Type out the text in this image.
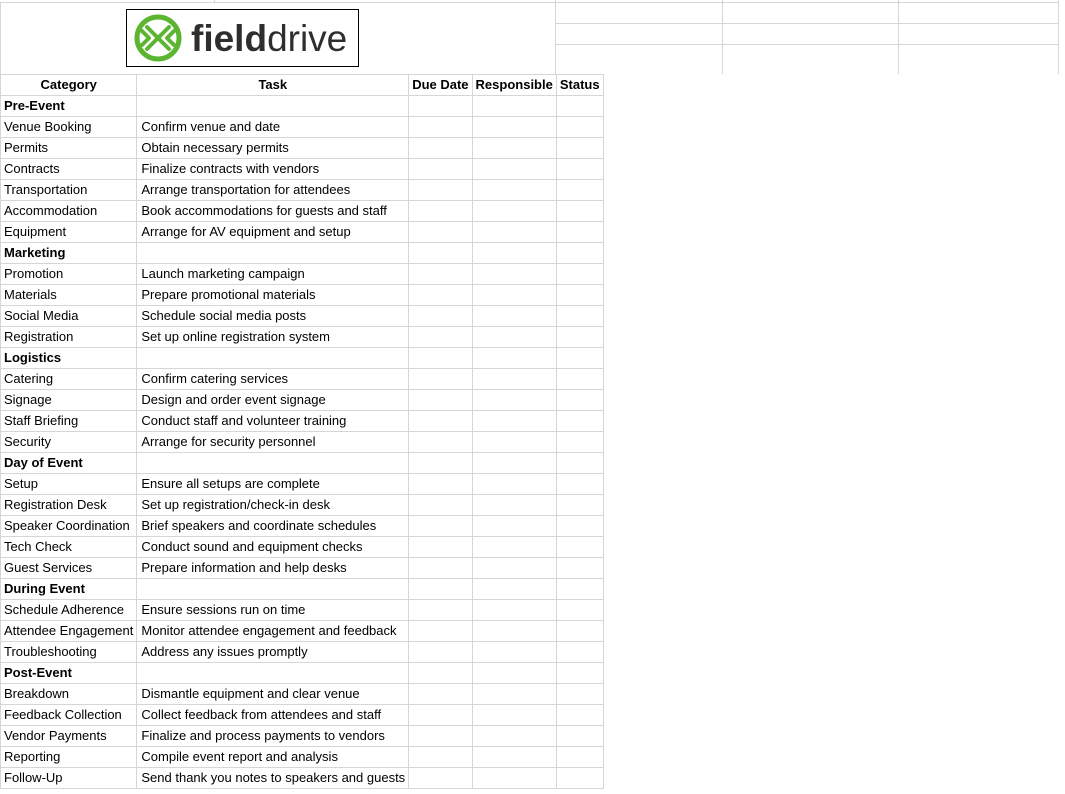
fielddrive
Category	Task	Due Date	Responsible	Status
Pre-Event				
Venue Booking	Confirm venue and date			
Permits	Obtain necessary permits			
Contracts	Finalize contracts with vendors			
Transportation	Arrange transportation for attendees			
Accommodation	Book accommodations for guests and staff			
Equipment	Arrange for AV equipment and setup			
Marketing				
Promotion	Launch marketing campaign			
Materials	Prepare promotional materials			
Social Media	Schedule social media posts			
Registration	Set up online registration system			
Logistics				
Catering	Confirm catering services			
Signage	Design and order event signage			
Staff Briefing	Conduct staff and volunteer training			
Security	Arrange for security personnel			
Day of Event				
Setup	Ensure all setups are complete			
Registration Desk	Set up registration/check-in desk			
Speaker Coordination	Brief speakers and coordinate schedules			
Tech Check	Conduct sound and equipment checks			
Guest Services	Prepare information and help desks			
During Event				
Schedule Adherence	Ensure sessions run on time			
Attendee Engagement	Monitor attendee engagement and feedback			
Troubleshooting	Address any issues promptly			
Post-Event				
Breakdown	Dismantle equipment and clear venue			
Feedback Collection	Collect feedback from attendees and staff			
Vendor Payments	Finalize and process payments to vendors			
Reporting	Compile event report and analysis			
Follow-Up	Send thank you notes to speakers and guests			
